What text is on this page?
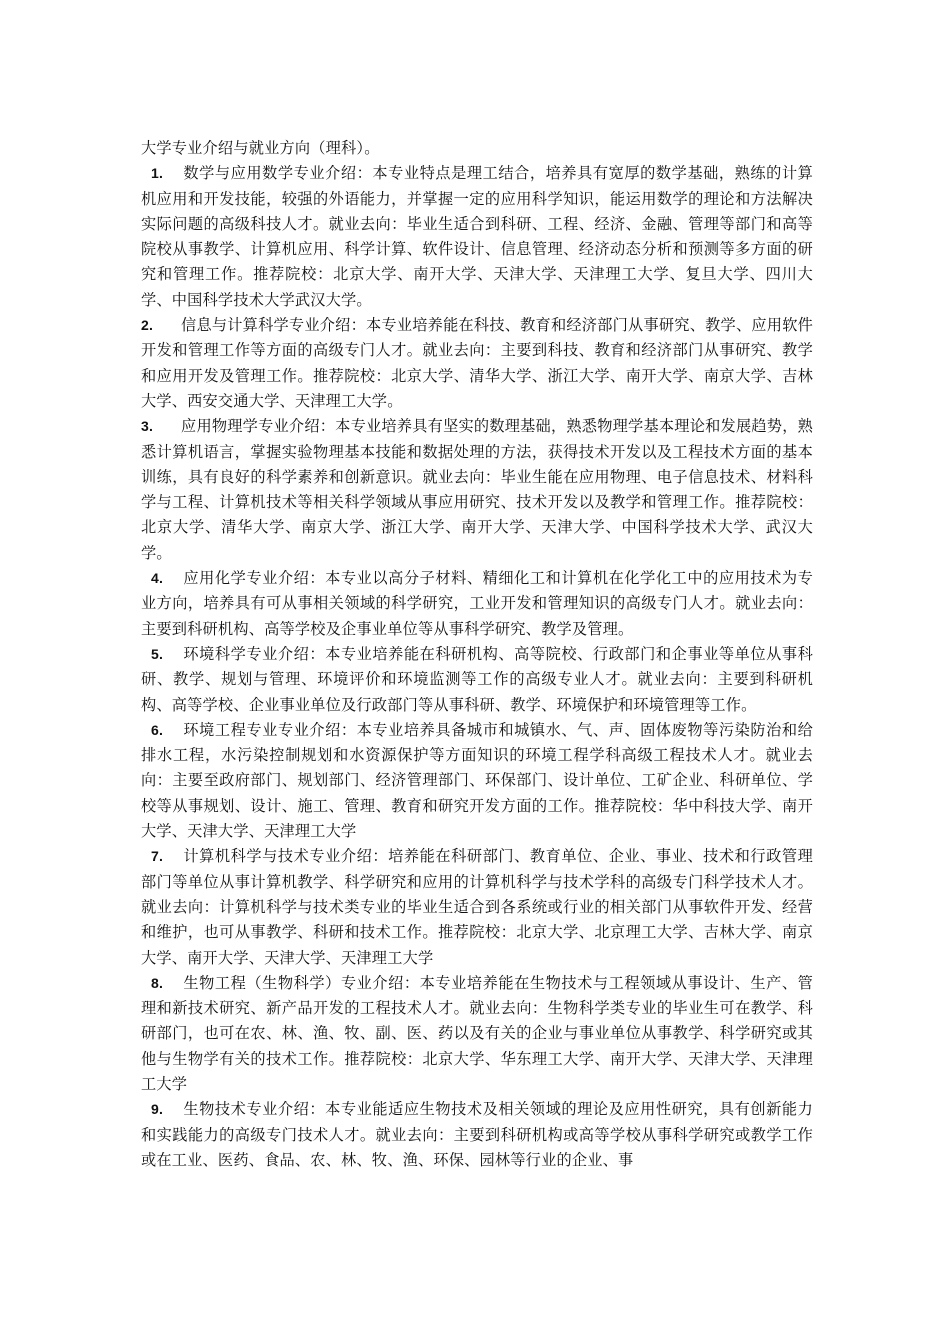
大学专业介绍与就业方向（理科）。

1. 数学与应用数学专业介绍：本专业特点是理工结合，培养具有宽厚的数学基础，熟练的计算机应用和开发技能，较强的外语能力，并掌握一定的应用科学知识，能运用数学的理论和方法解决实际问题的高级科技人才。就业去向：毕业生适合到科研、工程、经济、金融、管理等部门和高等院校从事教学、计算机应用、科学计算、软件设计、信息管理、经济动态分析和预测等多方面的研究和管理工作。推荐院校：北京大学、南开大学、天津大学、天津理工大学、复旦大学、四川大学、中国科学技术大学武汉大学。

2. 信息与计算科学专业介绍：本专业培养能在科技、教育和经济部门从事研究、教学、应用软件开发和管理工作等方面的高级专门人才。就业去向：主要到科技、教育和经济部门从事研究、教学和应用开发及管理工作。推荐院校：北京大学、清华大学、浙江大学、南开大学、南京大学、吉林大学、西安交通大学、天津理工大学。

3. 应用物理学专业介绍：本专业培养具有坚实的数理基础，熟悉物理学基本理论和发展趋势，熟悉计算机语言，掌握实验物理基本技能和数据处理的方法，获得技术开发以及工程技术方面的基本训练，具有良好的科学素养和创新意识。就业去向：毕业生能在应用物理、电子信息技术、材料科学与工程、计算机技术等相关科学领域从事应用研究、技术开发以及教学和管理工作。推荐院校：北京大学、清华大学、南京大学、浙江大学、南开大学、天津大学、中国科学技术大学、武汉大学。

4. 应用化学专业介绍：本专业以高分子材料、精细化工和计算机在化学化工中的应用技术为专业方向，培养具有可从事相关领域的科学研究，工业开发和管理知识的高级专门人才。就业去向：主要到科研机构、高等学校及企事业单位等从事科学研究、教学及管理。

5. 环境科学专业介绍：本专业培养能在科研机构、高等院校、行政部门和企事业等单位从事科研、教学、规划与管理、环境评价和环境监测等工作的高级专业人才。就业去向：主要到科研机构、高等学校、企业事业单位及行政部门等从事科研、教学、环境保护和环境管理等工作。

6. 环境工程专业专业介绍：本专业培养具备城市和城镇水、气、声、固体废物等污染防治和给排水工程，水污染控制规划和水资源保护等方面知识的环境工程学科高级工程技术人才。就业去向：主要至政府部门、规划部门、经济管理部门、环保部门、设计单位、工矿企业、科研单位、学校等从事规划、设计、施工、管理、教育和研究开发方面的工作。推荐院校：华中科技大学、南开大学、天津大学、天津理工大学

7. 计算机科学与技术专业介绍：培养能在科研部门、教育单位、企业、事业、技术和行政管理部门等单位从事计算机教学、科学研究和应用的计算机科学与技术学科的高级专门科学技术人才。就业去向：计算机科学与技术类专业的毕业生适合到各系统或行业的相关部门从事软件开发、经营和维护，也可从事教学、科研和技术工作。推荐院校：北京大学、北京理工大学、吉林大学、南京大学、南开大学、天津大学、天津理工大学

8. 生物工程（生物科学）专业介绍：本专业培养能在生物技术与工程领域从事设计、生产、管理和新技术研究、新产品开发的工程技术人才。就业去向：生物科学类专业的毕业生可在教学、科研部门，也可在农、林、渔、牧、副、医、药以及有关的企业与事业单位从事教学、科学研究或其他与生物学有关的技术工作。推荐院校：北京大学、华东理工大学、南开大学、天津大学、天津理工大学

9. 生物技术专业介绍：本专业能适应生物技术及相关领域的理论及应用性研究，具有创新能力和实践能力的高级专门技术人才。就业去向：主要到科研机构或高等学校从事科学研究或教学工作或在工业、医药、食品、农、林、牧、渔、环保、园林等行业的企业、事
